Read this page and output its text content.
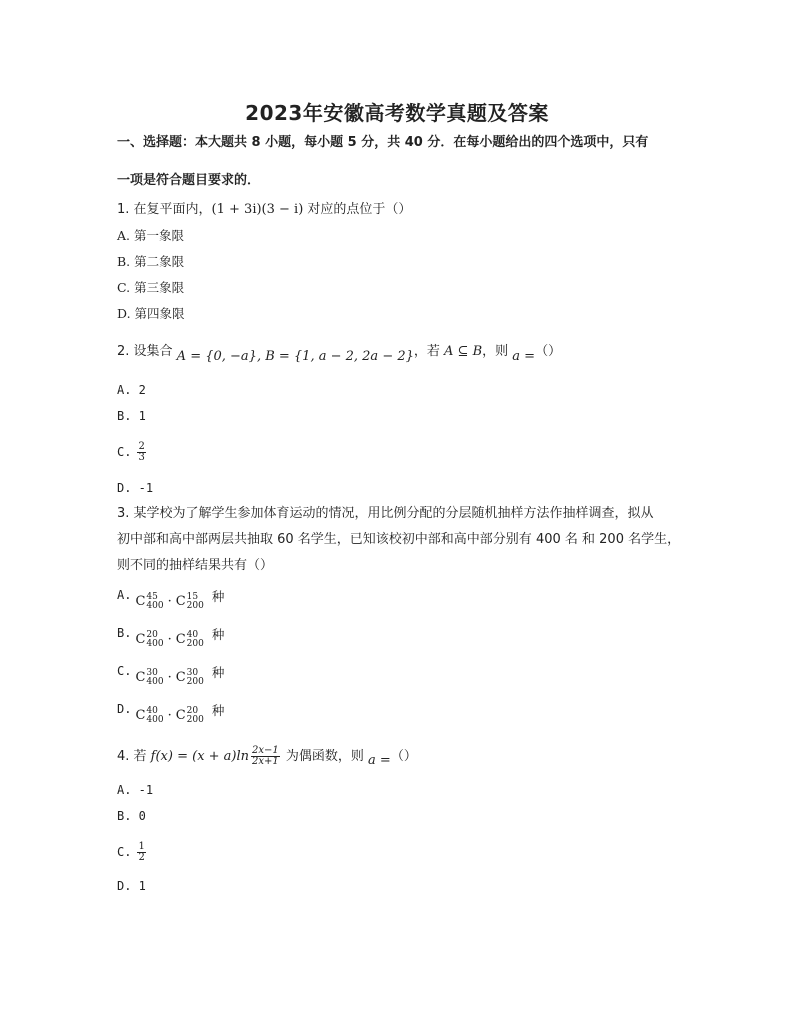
2023年安徽高考数学真题及答案
一、选择题：本大题共 8 小题，每小题 5 分，共 40 分．在每小题给出的四个选项中，只有
一项是符合题目要求的．
1. 在复平面内，(1 + 3i)(3 − i) 对应的点位于（）
A. 第一象限
B. 第二象限
C. 第三象限
D. 第四象限
2. 设集合 A = {0, −a}, B = {1, a − 2, 2a − 2}，若 A ⊆ B，则 a =（）
A. 2
B. 1
C. $\frac{2}{3}$
D. -1
3. 某学校为了解学生参加体育运动的情况，用比例分配的分层随机抽样方法作抽样调查，拟从
初中部和高中部两层共抽取 60 名学生，已知该校初中部和高中部分别有 400 名 和 200 名学生，
则不同的抽样结果共有（）
A. C 45
400 · C 15
200
种
B. C 20
400 · C 40
200
种
C. C 30
400 · C 30
200
种
D. C 40
400 · C 20
200
种
4. 若 $f(x) = (x + a)\ln \frac{2x-1}{2x+1}$ 为偶函数，则 a =（）
A. -1
B. 0
C. $\frac{1}{2}$
D. 1
